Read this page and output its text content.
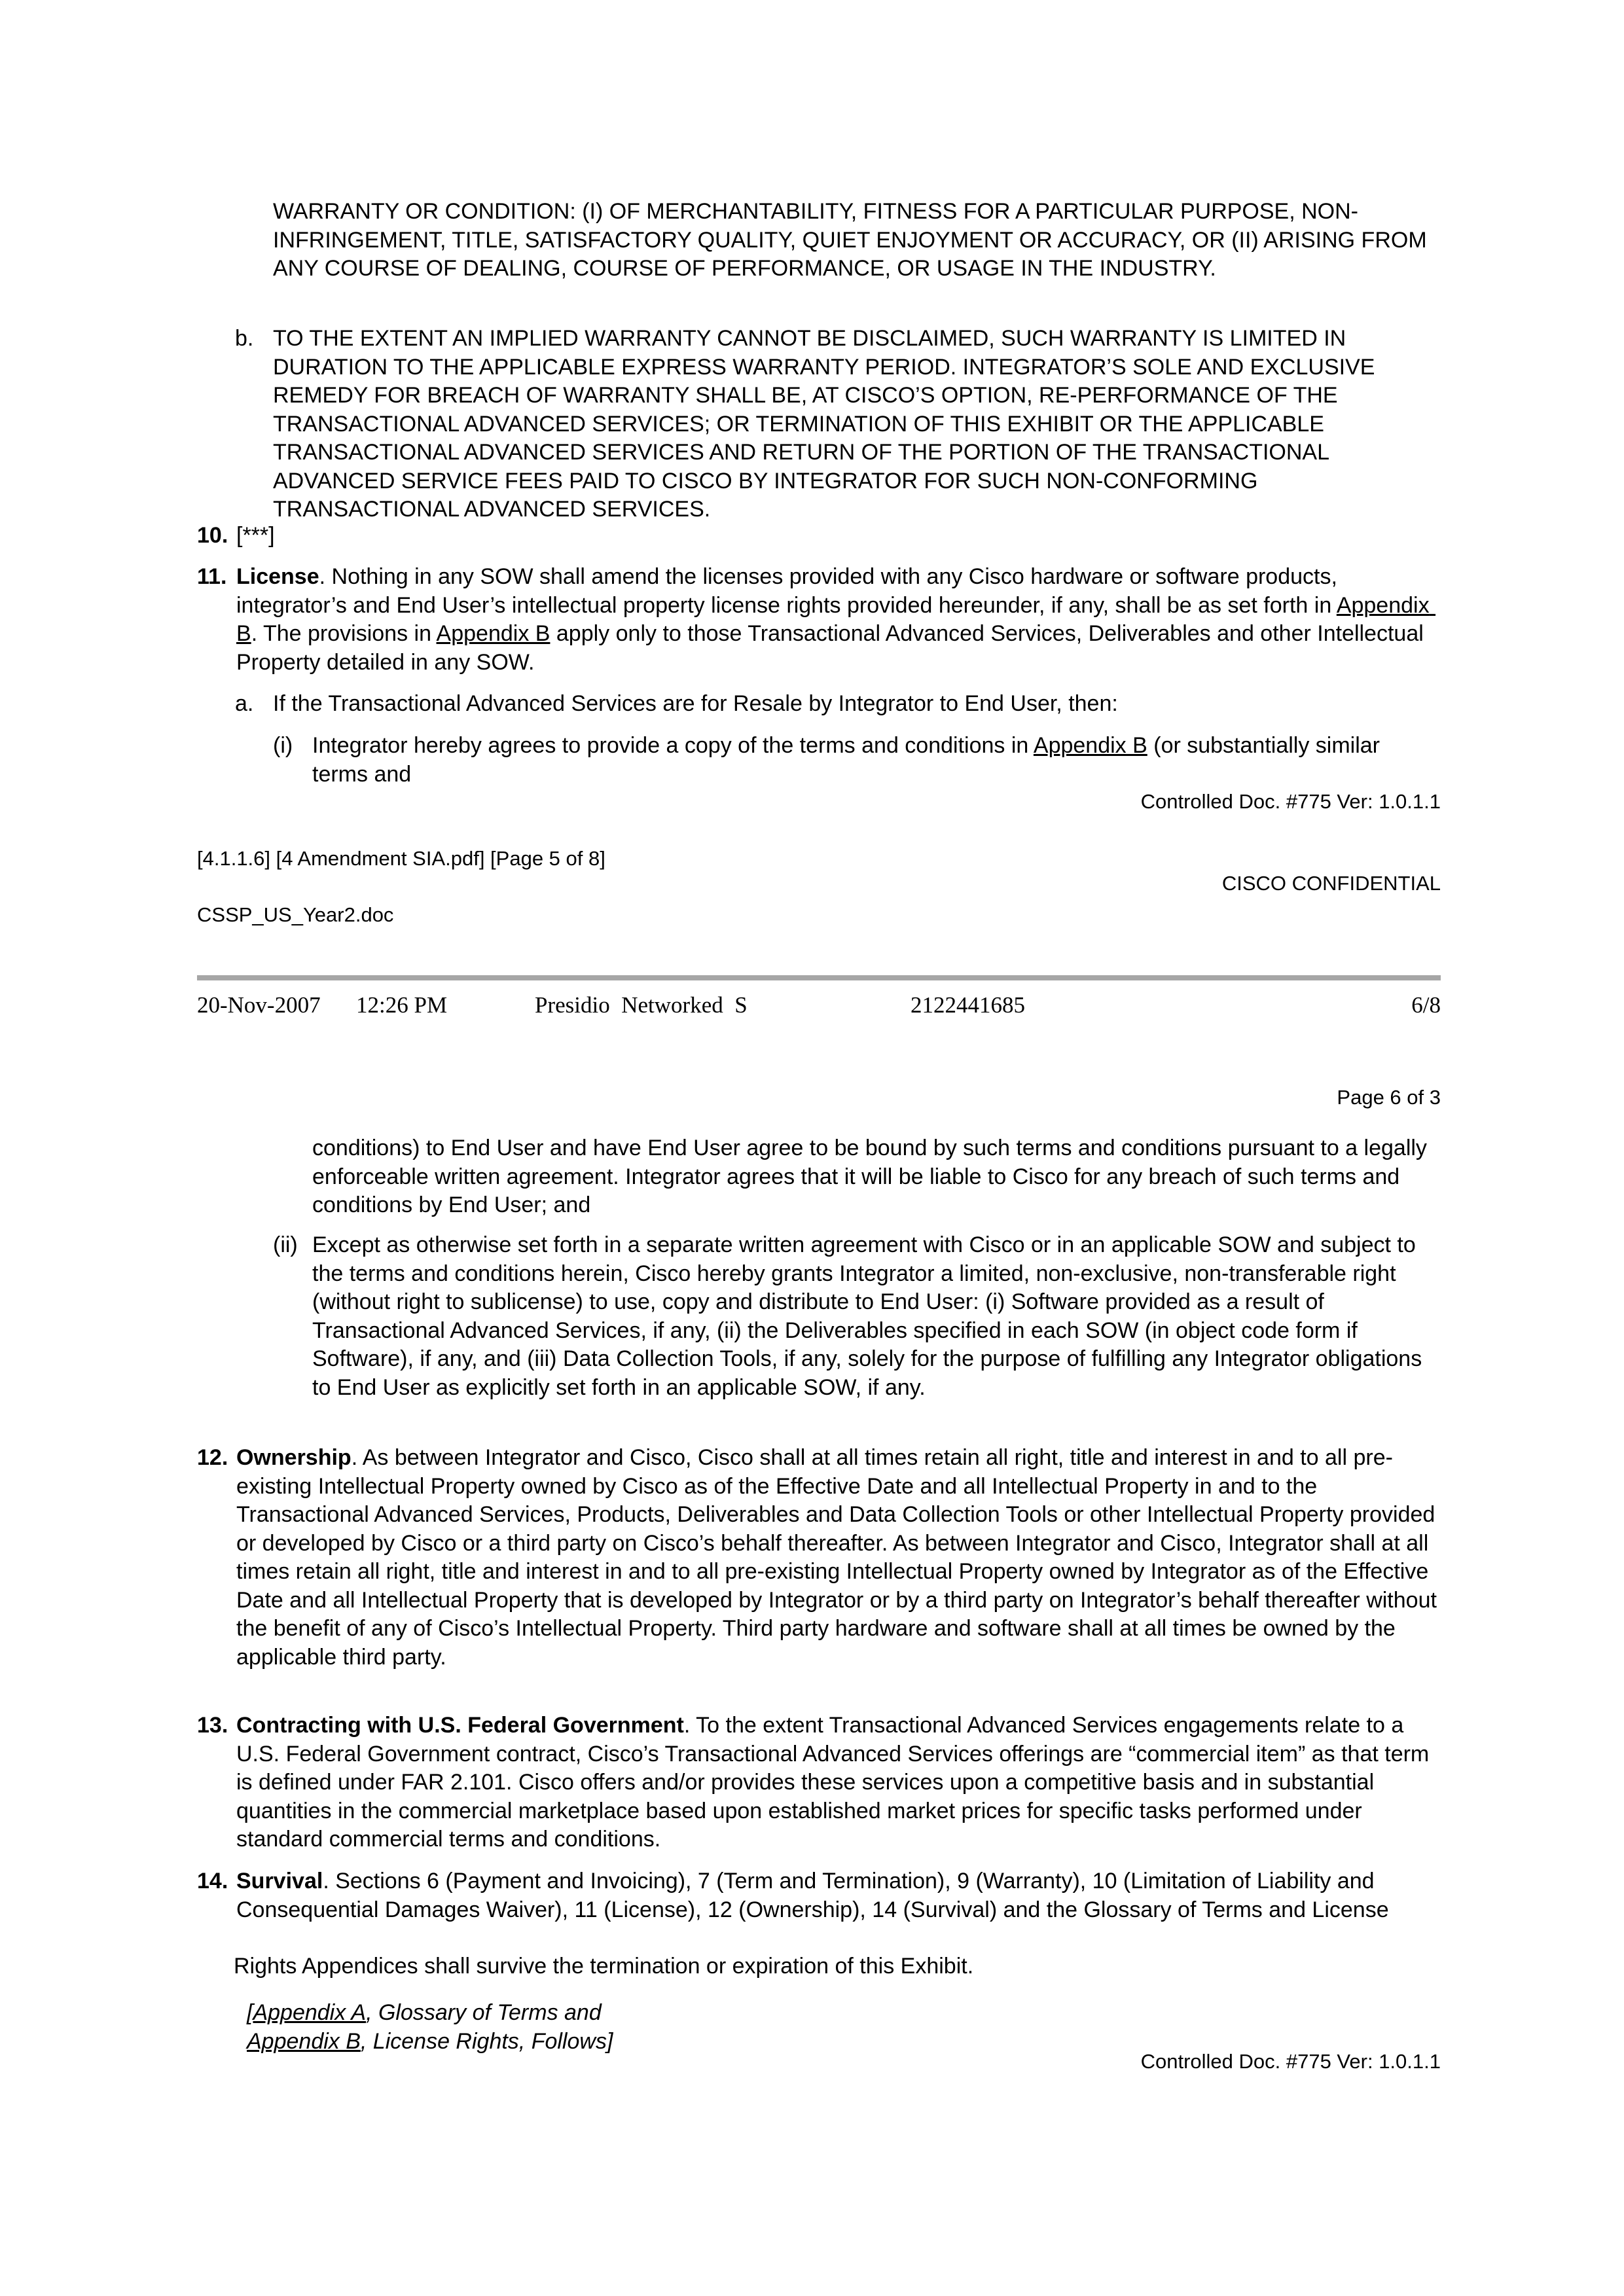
WARRANTY OR CONDITION: (I) OF MERCHANTABILITY, FITNESS FOR A PARTICULAR PURPOSE, NON-INFRINGEMENT, TITLE, SATISFACTORY QUALITY, QUIET ENJOYMENT OR ACCURACY, OR (II) ARISING FROM ANY COURSE OF DEALING, COURSE OF PERFORMANCE, OR USAGE IN THE INDUSTRY.
b. TO THE EXTENT AN IMPLIED WARRANTY CANNOT BE DISCLAIMED, SUCH WARRANTY IS LIMITED IN DURATION TO THE APPLICABLE EXPRESS WARRANTY PERIOD. INTEGRATOR’S SOLE AND EXCLUSIVE REMEDY FOR BREACH OF WARRANTY SHALL BE, AT CISCO’S OPTION, RE-PERFORMANCE OF THE TRANSACTIONAL ADVANCED SERVICES; OR TERMINATION OF THIS EXHIBIT OR THE APPLICABLE TRANSACTIONAL ADVANCED SERVICES AND RETURN OF THE PORTION OF THE TRANSACTIONAL ADVANCED SERVICE FEES PAID TO CISCO BY INTEGRATOR FOR SUCH NON-CONFORMING TRANSACTIONAL ADVANCED SERVICES.
10. [***]
11. License. Nothing in any SOW shall amend the licenses provided with any Cisco hardware or software products, integrator’s and End User’s intellectual property license rights provided hereunder, if any, shall be as set forth in Appendix B. The provisions in Appendix B apply only to those Transactional Advanced Services, Deliverables and other Intellectual Property detailed in any SOW.
a. If the Transactional Advanced Services are for Resale by Integrator to End User, then:
(i) Integrator hereby agrees to provide a copy of the terms and conditions in Appendix B (or substantially similar terms and
Controlled Doc. #775 Ver: 1.0.1.1
[4.1.1.6] [4 Amendment SIA.pdf] [Page 5 of 8]
CISCO CONFIDENTIAL
CSSP_US_Year2.doc
20-Nov-2007 12:26 PM	Presidio  Networked  S	2122441685	6/8
Page 6 of 3
conditions) to End User and have End User agree to be bound by such terms and conditions pursuant to a legally enforceable written agreement. Integrator agrees that it will be liable to Cisco for any breach of such terms and conditions by End User; and
(ii) Except as otherwise set forth in a separate written agreement with Cisco or in an applicable SOW and subject to the terms and conditions herein, Cisco hereby grants Integrator a limited, non-exclusive, non-transferable right (without right to sublicense) to use, copy and distribute to End User: (i) Software provided as a result of Transactional Advanced Services, if any, (ii) the Deliverables specified in each SOW (in object code form if Software), if any, and (iii) Data Collection Tools, if any, solely for the purpose of fulfilling any Integrator obligations to End User as explicitly set forth in an applicable SOW, if any.
12. Ownership. As between Integrator and Cisco, Cisco shall at all times retain all right, title and interest in and to all pre-existing Intellectual Property owned by Cisco as of the Effective Date and all Intellectual Property in and to the Transactional Advanced Services, Products, Deliverables and Data Collection Tools or other Intellectual Property provided or developed by Cisco or a third party on Cisco’s behalf thereafter. As between Integrator and Cisco, Integrator shall at all times retain all right, title and interest in and to all pre-existing Intellectual Property owned by Integrator as of the Effective Date and all Intellectual Property that is developed by Integrator or by a third party on Integrator’s behalf thereafter without the benefit of any of Cisco’s Intellectual Property. Third party hardware and software shall at all times be owned by the applicable third party.
13. Contracting with U.S. Federal Government. To the extent Transactional Advanced Services engagements relate to a U.S. Federal Government contract, Cisco’s Transactional Advanced Services offerings are “commercial item” as that term is defined under FAR 2.101. Cisco offers and/or provides these services upon a competitive basis and in substantial quantities in the commercial marketplace based upon established market prices for specific tasks performed under standard commercial terms and conditions.
14. Survival. Sections 6 (Payment and Invoicing), 7 (Term and Termination), 9 (Warranty), 10 (Limitation of Liability and Consequential Damages Waiver), 11 (License), 12 (Ownership), 14 (Survival) and the Glossary of Terms and License
Rights Appendices shall survive the termination or expiration of this Exhibit.
[Appendix A, Glossary of Terms and
Appendix B, License Rights, Follows]
Controlled Doc. #775 Ver: 1.0.1.1
